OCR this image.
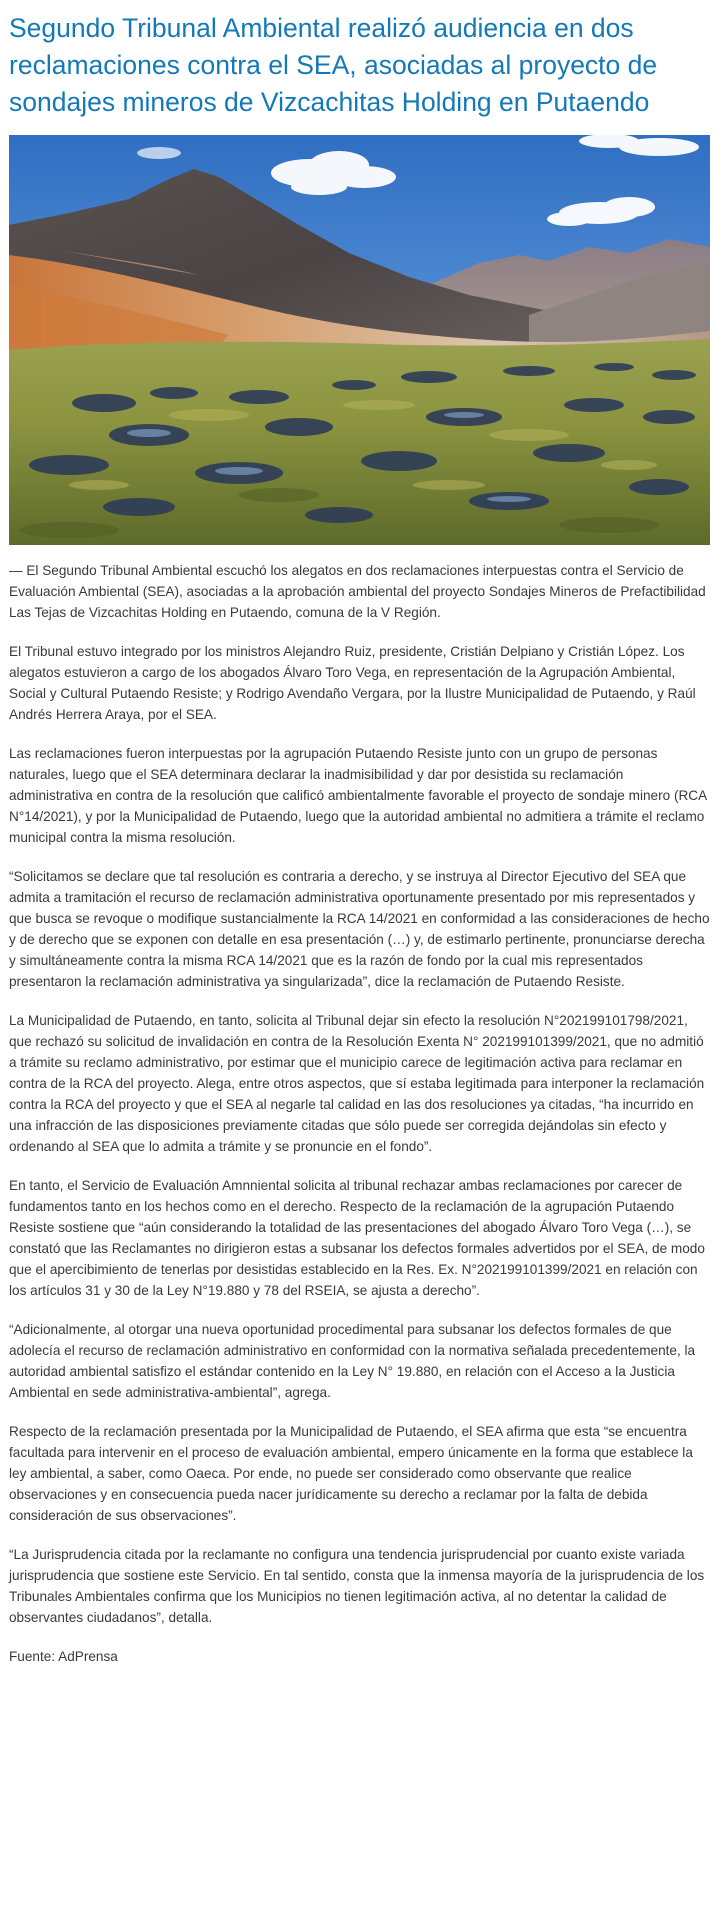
Segundo Tribunal Ambiental realizó audiencia en dos reclamaciones contra el SEA, asociadas al proyecto de sondajes mineros de Vizcachitas Holding en Putaendo

— El Segundo Tribunal Ambiental escuchó los alegatos en dos reclamaciones interpuestas contra el Servicio de Evaluación Ambiental (SEA), asociadas a la aprobación ambiental del proyecto Sondajes Mineros de Prefactibilidad Las Tejas de Vizcachitas Holding en Putaendo, comuna de la V Región.

El Tribunal estuvo integrado por los ministros Alejandro Ruiz, presidente, Cristián Delpiano y Cristián López. Los alegatos estuvieron a cargo de los abogados Álvaro Toro Vega, en representación de la Agrupación Ambiental, Social y Cultural Putaendo Resiste; y Rodrigo Avendaño Vergara, por la Ilustre Municipalidad de Putaendo, y Raúl Andrés Herrera Araya, por el SEA.

Las reclamaciones fueron interpuestas por la agrupación Putaendo Resiste junto con un grupo de personas naturales, luego que el SEA determinara declarar la inadmisibilidad y dar por desistida su reclamación administrativa en contra de la resolución que calificó ambientalmente favorable el proyecto de sondaje minero (RCA N°14/2021), y por la Municipalidad de Putaendo, luego que la autoridad ambiental no admitiera a trámite el reclamo municipal contra la misma resolución.

“Solicitamos se declare que tal resolución es contraria a derecho, y se instruya al Director Ejecutivo del SEA que admita a tramitación el recurso de reclamación administrativa oportunamente presentado por mis representados y que busca se revoque o modifique sustancialmente la RCA 14/2021 en conformidad a las consideraciones de hecho y de derecho que se exponen con detalle en esa presentación (…) y, de estimarlo pertinente, pronunciarse derecha y simultáneamente contra la misma RCA 14/2021 que es la razón de fondo por la cual mis representados presentaron la reclamación administrativa ya singularizada”, dice la reclamación de Putaendo Resiste.

La Municipalidad de Putaendo, en tanto, solicita al Tribunal dejar sin efecto la resolución N°202199101798/2021, que rechazó su solicitud de invalidación en contra de la Resolución Exenta N° 202199101399/2021, que no admitió a trámite su reclamo administrativo, por estimar que el municipio carece de legitimación activa para reclamar en contra de la RCA del proyecto. Alega, entre otros aspectos, que sí estaba legitimada para interponer la reclamación contra la RCA del proyecto y que el SEA al negarle tal calidad en las dos resoluciones ya citadas, “ha incurrido en una infracción de las disposiciones previamente citadas que sólo puede ser corregida dejándolas sin efecto y ordenando al SEA que lo admita a trámite y se pronuncie en el fondo”.

En tanto, el Servicio de Evaluación Amnniental solicita al tribunal rechazar ambas reclamaciones por carecer de fundamentos tanto en los hechos como en el derecho. Respecto de la reclamación de la agrupación Putaendo Resiste sostiene que “aún considerando la totalidad de las presentaciones del abogado Álvaro Toro Vega (…), se constató que las Reclamantes no dirigieron estas a subsanar los defectos formales advertidos por el SEA, de modo que el apercibimiento de tenerlas por desistidas establecido en la Res. Ex. N°202199101399/2021 en relación con los artículos 31 y 30 de la Ley N°19.880 y 78 del RSEIA, se ajusta a derecho”.

“Adicionalmente, al otorgar una nueva oportunidad procedimental para subsanar los defectos formales de que adolecía el recurso de reclamación administrativo en conformidad con la normativa señalada precedentemente, la autoridad ambiental satisfizo el estándar contenido en la Ley N° 19.880, en relación con el Acceso a la Justicia Ambiental en sede administrativa-ambiental”, agrega.

Respecto de la reclamación presentada por la Municipalidad de Putaendo, el SEA afirma que esta “se encuentra facultada para intervenir en el proceso de evaluación ambiental, empero únicamente en la forma que establece la ley ambiental, a saber, como Oaeca. Por ende, no puede ser considerado como observante que realice observaciones y en consecuencia pueda nacer jurídicamente su derecho a reclamar por la falta de debida consideración de sus observaciones”.

“La Jurisprudencia citada por la reclamante no configura una tendencia jurisprudencial por cuanto existe variada jurisprudencia que sostiene este Servicio. En tal sentido, consta que la inmensa mayoría de la jurisprudencia de los Tribunales Ambientales confirma que los Municipios no tienen legitimación activa, al no detentar la calidad de observantes ciudadanos”, detalla.

Fuente: AdPrensa
